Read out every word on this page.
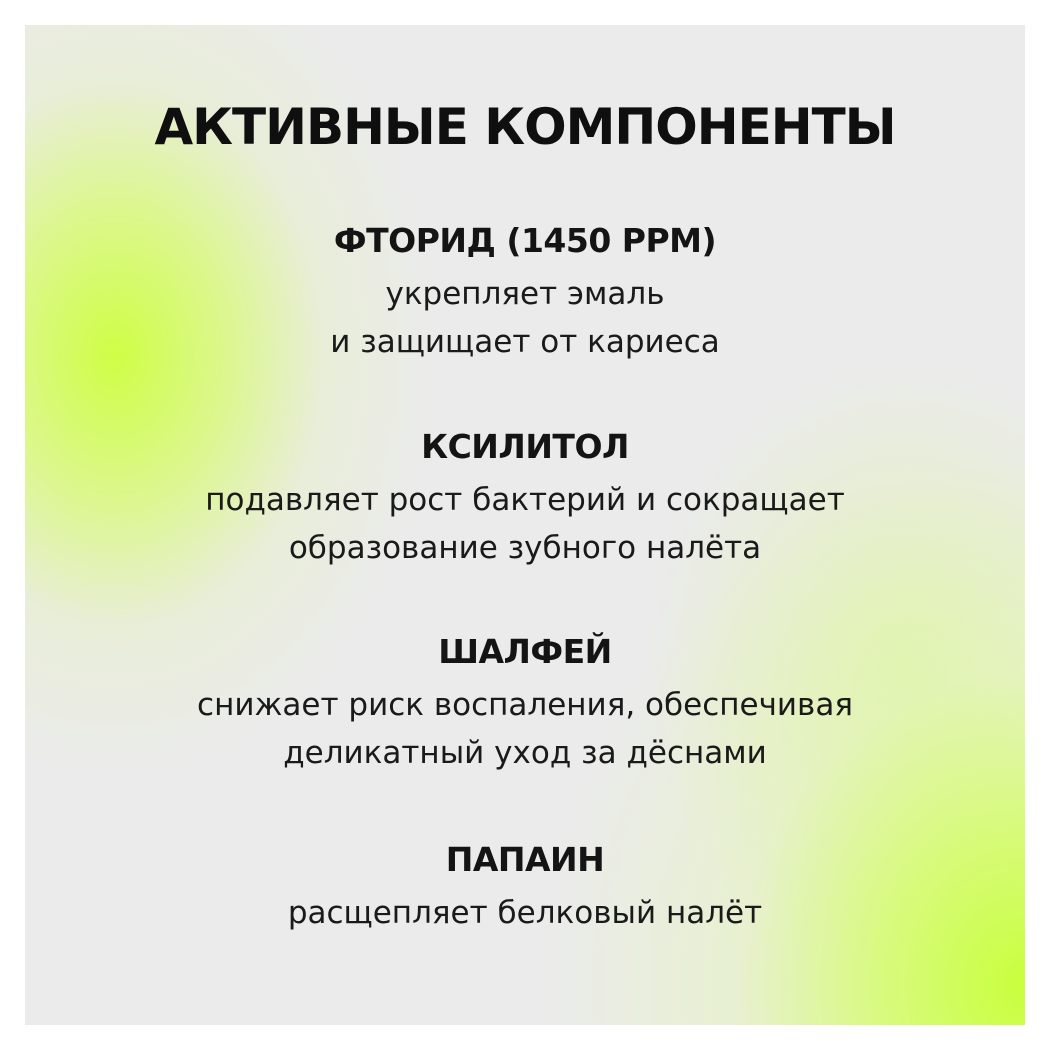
АКТИВНЫЕ КОМПОНЕНТЫ
ФТОРИД (1450 PPM)
укрепляет эмаль
и защищает от кариеса
КСИЛИТОЛ
подавляет рост бактерий и сокращает
образование зубного налёта
ШАЛФЕЙ
снижает риск воспаления, обеспечивая
деликатный уход за дёснами
ПАПАИН
расщепляет белковый налёт
